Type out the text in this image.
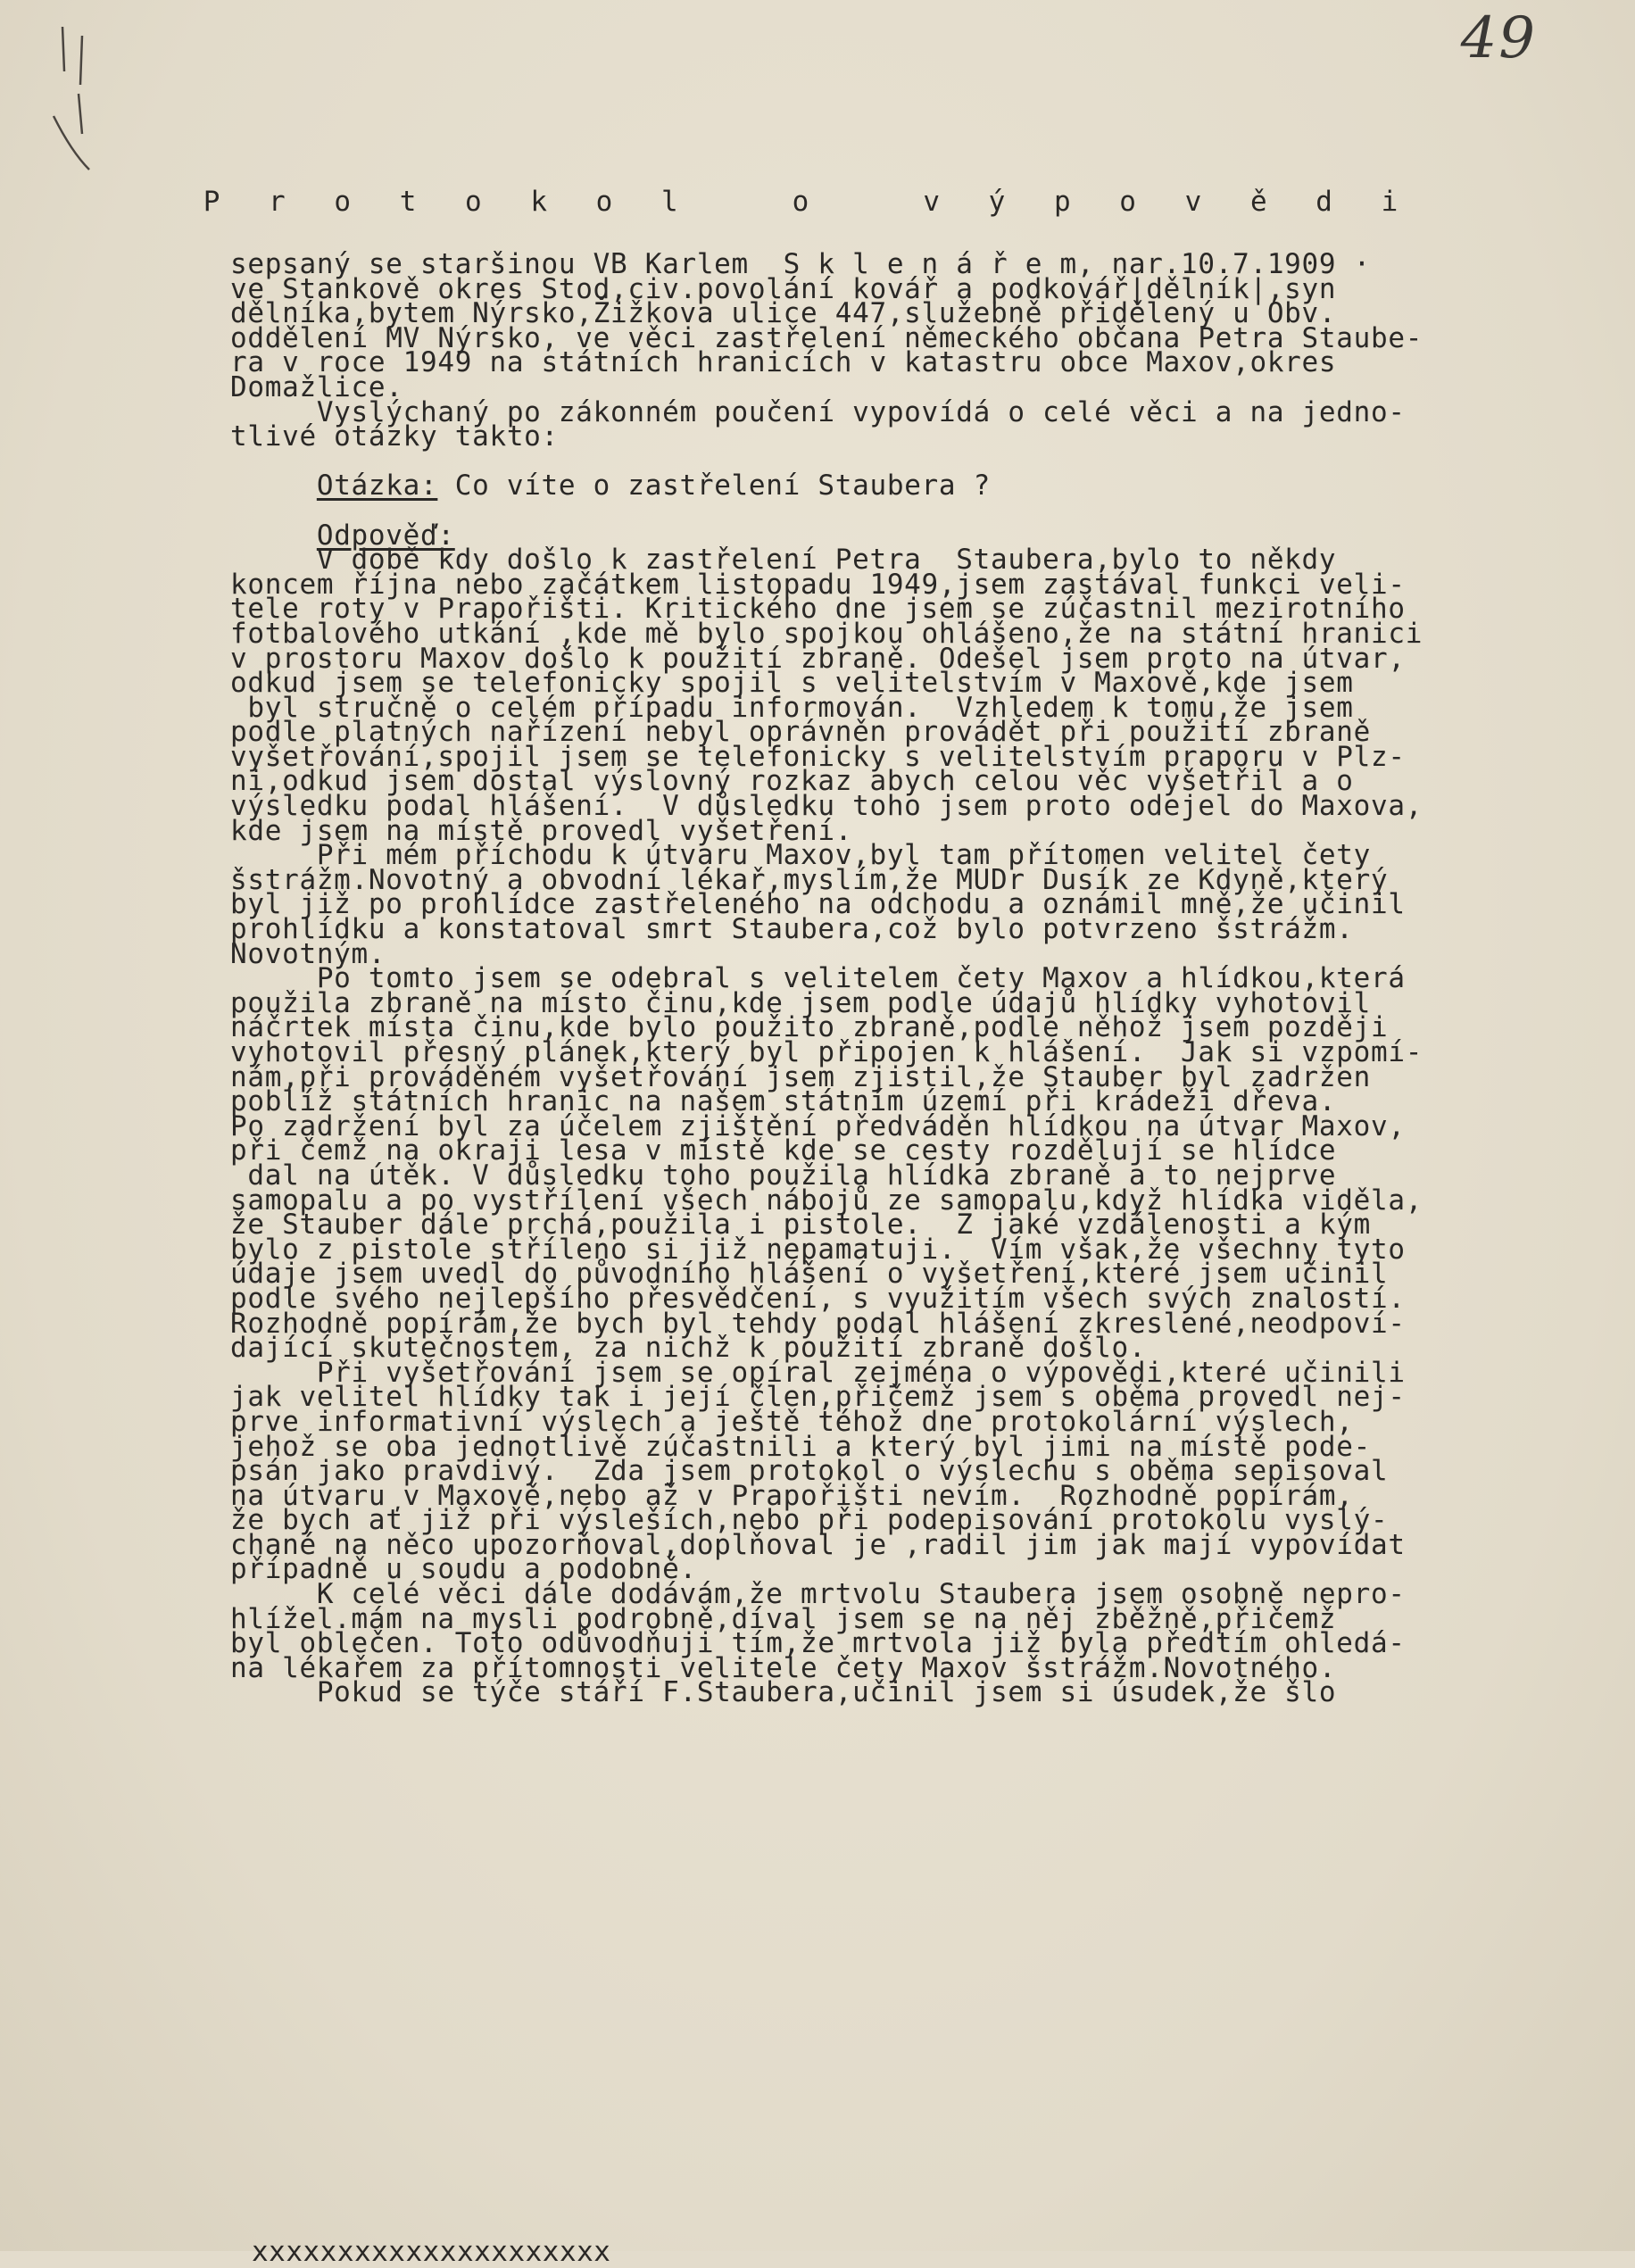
49
P r o t o k o l   o   v ý p o v ě d i
sepsaný se staršinou VB Karlem  S k l e n á ř e m, nar.10.7.1909 ·
ve Stankově okres Stod,civ.povolání kovář a podkovář|dělník|,syn
dělníka,bytem Nýrsko,Žižkova ulice 447,služebně přidělený u Obv.
oddělení MV Nýrsko, ve věci zastřelení německého občana Petra Staube-
ra v roce 1949 na státních hranicích v katastru obce Maxov,okres
Domažlice.
Vyslýchaný po zákonném poučení vypovídá o celé věci a na jedno-
tlivé otázky takto:
Otázka: Co víte o zastřelení Staubera ?
Odpověď:
V době kdy došlo k zastřelení Petra  Staubera,bylo to někdy
koncem října nebo začátkem listopadu 1949,jsem zastával funkci veli-
tele roty v Prapořišti. Kritického dne jsem se zúčastnil mezirotního
fotbalového utkání ,kde mě bylo spojkou ohlášeno,že na státní hranici
v prostoru Maxov došlo k použití zbraně. Odešel jsem proto na útvar,
odkud jsem se telefonicky spojil s velitelstvím v Maxově,kde jsem
byl stručně o celém případu informován.  Vzhledem k tomu,že jsem
podle platných nařízení nebyl oprávněn provádět při použití zbraně
vyšetřování,spojil jsem se telefonicky s velitelstvím praporu v Plz-
ni,odkud jsem dostal výslovný rozkaz abych celou věc vyšetřil a o
výsledku podal hlášení.  V důsledku toho jsem proto odejel do Maxova,
kde jsem na místě provedl vyšetření.
Při mém příchodu k útvaru Maxov,byl tam přítomen velitel čety
šstrážm.Novotný a obvodní lékař,myslím,že MUDr Dusík ze Kdyně,který
byl již po prohlídce zastřeleného na odchodu a oznámil mně,že učinil
prohlídku a konstatoval smrt Staubera,což bylo potvrzeno šstrážm.
Novotným.
Po tomto jsem se odebral s velitelem čety Maxov a hlídkou,která
použila zbraně na místo činu,kde jsem podle údajů hlídky vyhotovil
náčrtek místa činu,kde bylo použito zbraně,podle něhož jsem později
vyhotovil přesný plánek,který byl připojen k hlášení.  Jak si vzpomí-
nám,při prováděném vyšetřování jsem zjistil,že Stauber byl zadržen
poblíž státních hranic na našem státním území při krádeži dřeva.
Po zadržení byl za účelem zjištění předváděn hlídkou na útvar Maxov,
při čemž na okraji lesa v místě kde se cesty rozdělují se hlídce
dal na útěk. V důsledku toho použila hlídka zbraně a to nejprve
samopalu a po vystřílení všech nábojů ze samopalu,když hlídka viděla,
že Stauber dále prchá,použila i pistole.  Z jaké vzdálenosti a kým
bylo z pistole stříleno si již nepamatuji.  Vím však,že všechny tyto
údaje jsem uvedl do původního hlášení o vyšetření,které jsem učinil
podle svého nejlepšího přesvědčení, s využitím všech svých znalostí.
Rozhodně popírám,že bych byl tehdy podal hlášení zkreslené,neodpoví-
dající skutečnostem, za nichž k použití zbraně došlo.
Při vyšetřování jsem se opíral zejména o výpovědi,které učinili
jak velitel hlídky tak i její člen,přičemž jsem s oběma provedl nej-
prve informativní výslech a ještě téhož dne protokolární výslech,
jehož se oba jednotlivě zúčastnili a který byl jimi na místě pode-
psán jako pravdivý.  Zda jsem protokol o výslechu s oběma sepisoval
na útvaru v Maxově,nebo až v Prapořišti nevím.  Rozhodně popírám,
že bych ať již při výsleších,nebo při podepisování protokolu vyslý-
chané na něco upozorňoval,doplňoval je ,radil jim jak mají vypovídat
případně u soudu a podobně.
K celé věci dále dodávám,že mrtvolu Staubera jsem osobně nepro-
hlížel.mám na mysli podrobně,díval jsem se na něj zběžně,přičemž
byl oblečen. Toto odůvodňuji tím,že mrtvola již byla předtím ohledá-
na lékařem za přítomnosti velitele čety Maxov šstrážm.Novotného.
Pokud se týče stáří F.Staubera,učinil jsem si úsudek,že šlo
xxxxxxxxxxxxxxxxxxxxx
